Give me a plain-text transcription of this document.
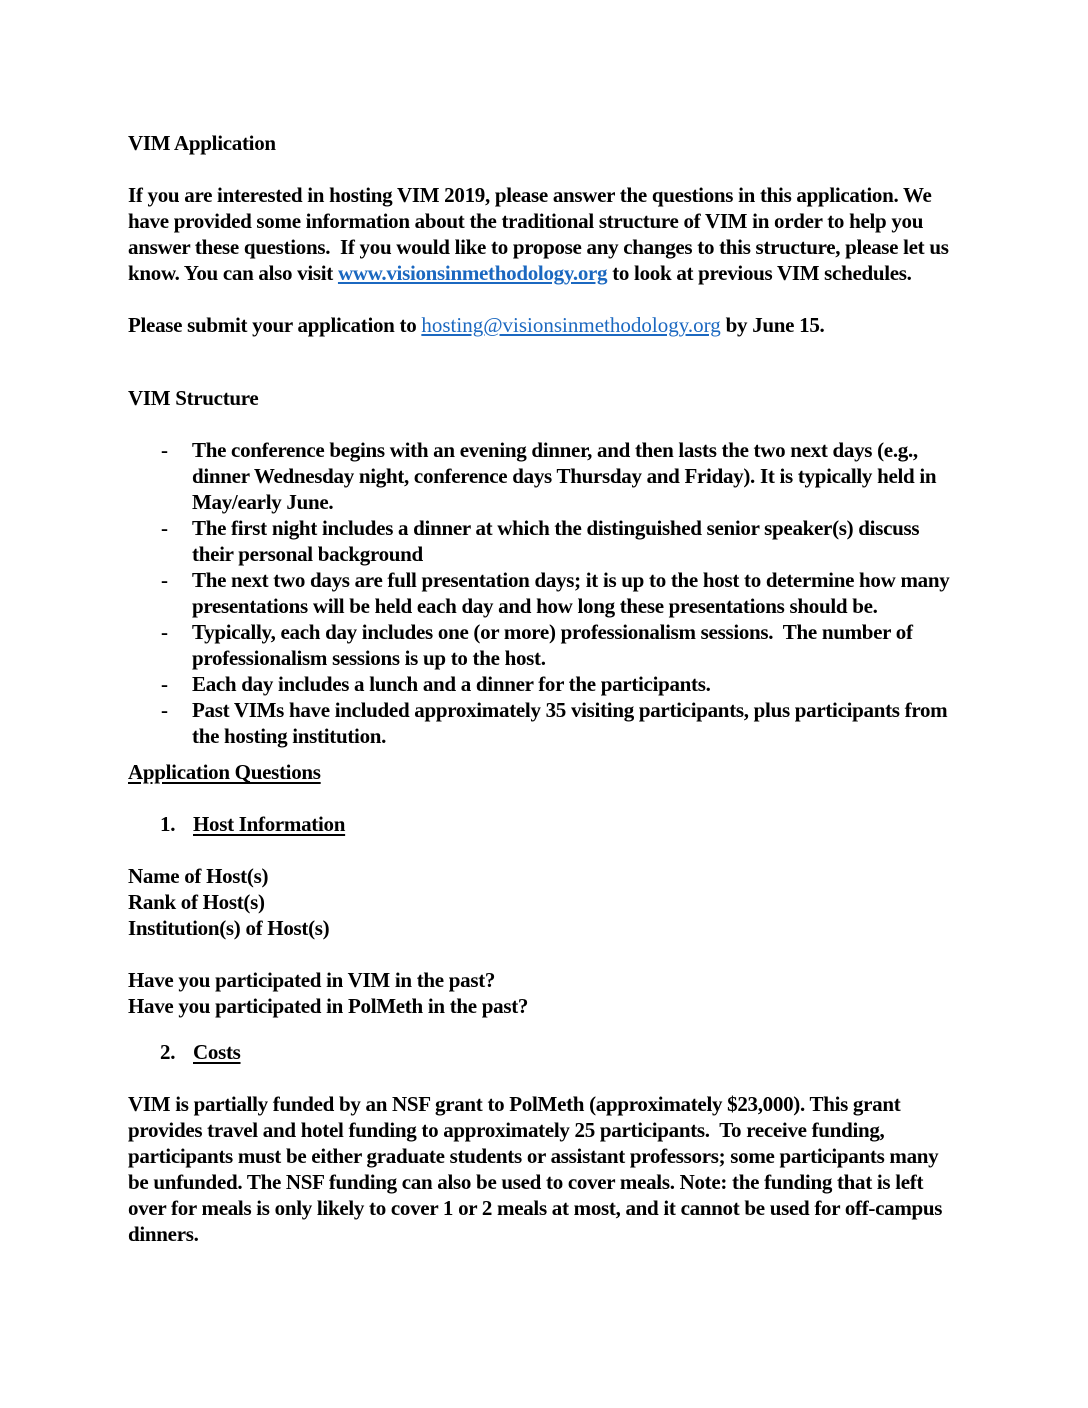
VIM Application

If you are interested in hosting VIM 2019, please answer the questions in this application. We have provided some information about the traditional structure of VIM in order to help you answer these questions.  If you would like to propose any changes to this structure, please let us know. You can also visit www.visionsinmethodology.org to look at previous VIM schedules.

Please submit your application to hosting@visionsinmethodology.org by June 15.

VIM Structure

- The conference begins with an evening dinner, and then lasts the two next days (e.g., dinner Wednesday night, conference days Thursday and Friday). It is typically held in May/early June.
- The first night includes a dinner at which the distinguished senior speaker(s) discuss their personal background
- The next two days are full presentation days; it is up to the host to determine how many presentations will be held each day and how long these presentations should be.
- Typically, each day includes one (or more) professionalism sessions.  The number of professionalism sessions is up to the host.
- Each day includes a lunch and a dinner for the participants.
- Past VIMs have included approximately 35 visiting participants, plus participants from the hosting institution.

Application Questions

1. Host Information
Name of Host(s)
Rank of Host(s)
Institution(s) of Host(s)
Have you participated in VIM in the past?
Have you participated in PolMeth in the past?
2. Costs

VIM is partially funded by an NSF grant to PolMeth (approximately $23,000). This grant provides travel and hotel funding to approximately 25 participants.  To receive funding, participants must be either graduate students or assistant professors; some participants many be unfunded. The NSF funding can also be used to cover meals. Note: the funding that is left over for meals is only likely to cover 1 or 2 meals at most, and it cannot be used for off-campus dinners.
